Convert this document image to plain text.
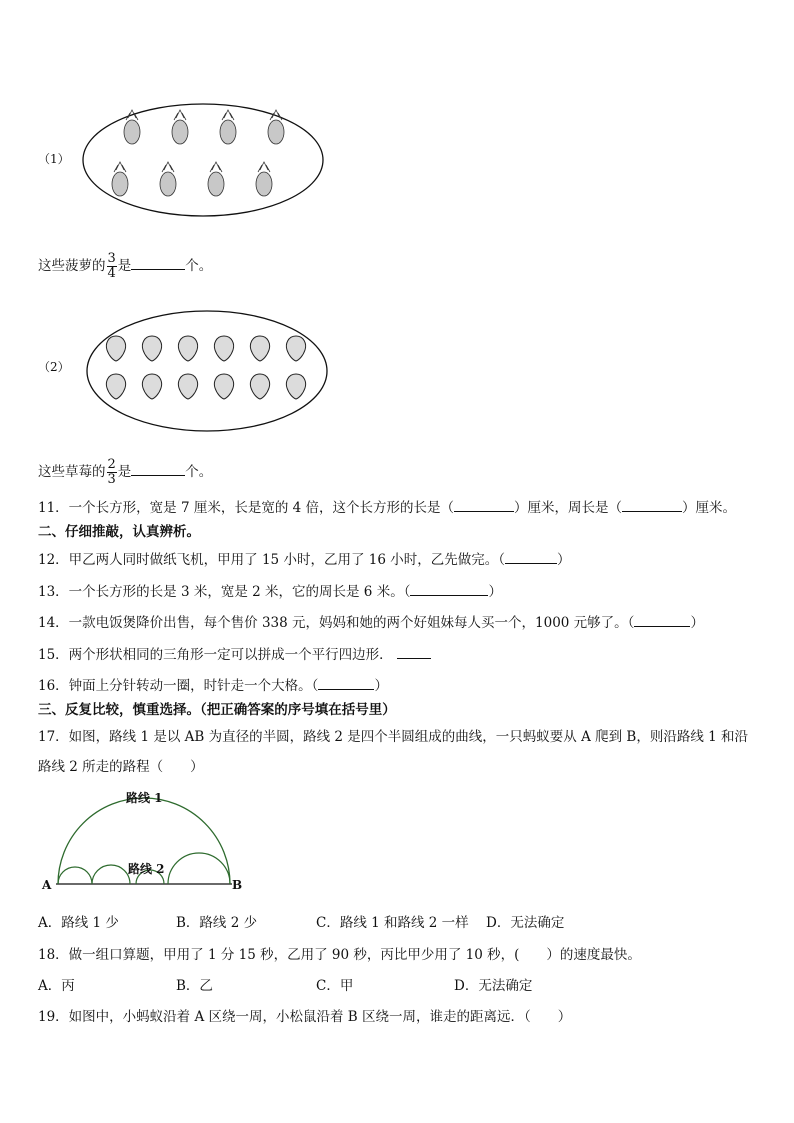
（1）
这些菠萝的 $\frac{3}{4}$ 是	个。
（2）
这些草莓的 $\frac{2}{3}$ 是	个。
11．一个长方形，宽是 7 厘米，长是宽的 4 倍，这个长方形的长是（	）厘米，周长是（	）厘米。
二、仔细推敲，认真辨析。
12．甲乙两人同时做纸飞机，甲用了 15 小时，乙用了 16 小时，乙先做完。（	）
13．一个长方形的长是 3 米，宽是 2 米，它的周长是 6 米。（	）
14．一款电饭煲降价出售，每个售价 338 元，妈妈和她的两个好姐妹每人买一个，1000 元够了。（	）
15．两个形状相同的三角形一定可以拼成一个平行四边形．
16．钟面上分针转动一圈，时针走一个大格。（	）
三、反复比较，慎重选择。（把正确答案的序号填在括号里）
17．如图，路线 1 是以 AB 为直径的半圆，路线 2 是四个半圆组成的曲线，一只蚂蚁要从 A 爬到 B，则沿路线 1 和沿
路线 2 所走的路程（　　）
路线 1
路线 2
A	B
A．路线 1 少	B．路线 2 少	C．路线 1 和路线 2 一样 D．无法确定
18．做一组口算题，甲用了 1 分 15 秒，乙用了 90 秒，丙比甲少用了 10 秒，(　　）的速度最快。
A．丙	B．乙	C．甲	D．无法确定
19．如图中，小蚂蚁沿着 A 区绕一周，小松鼠沿着 B 区绕一周，谁走的距离远．（　　）
